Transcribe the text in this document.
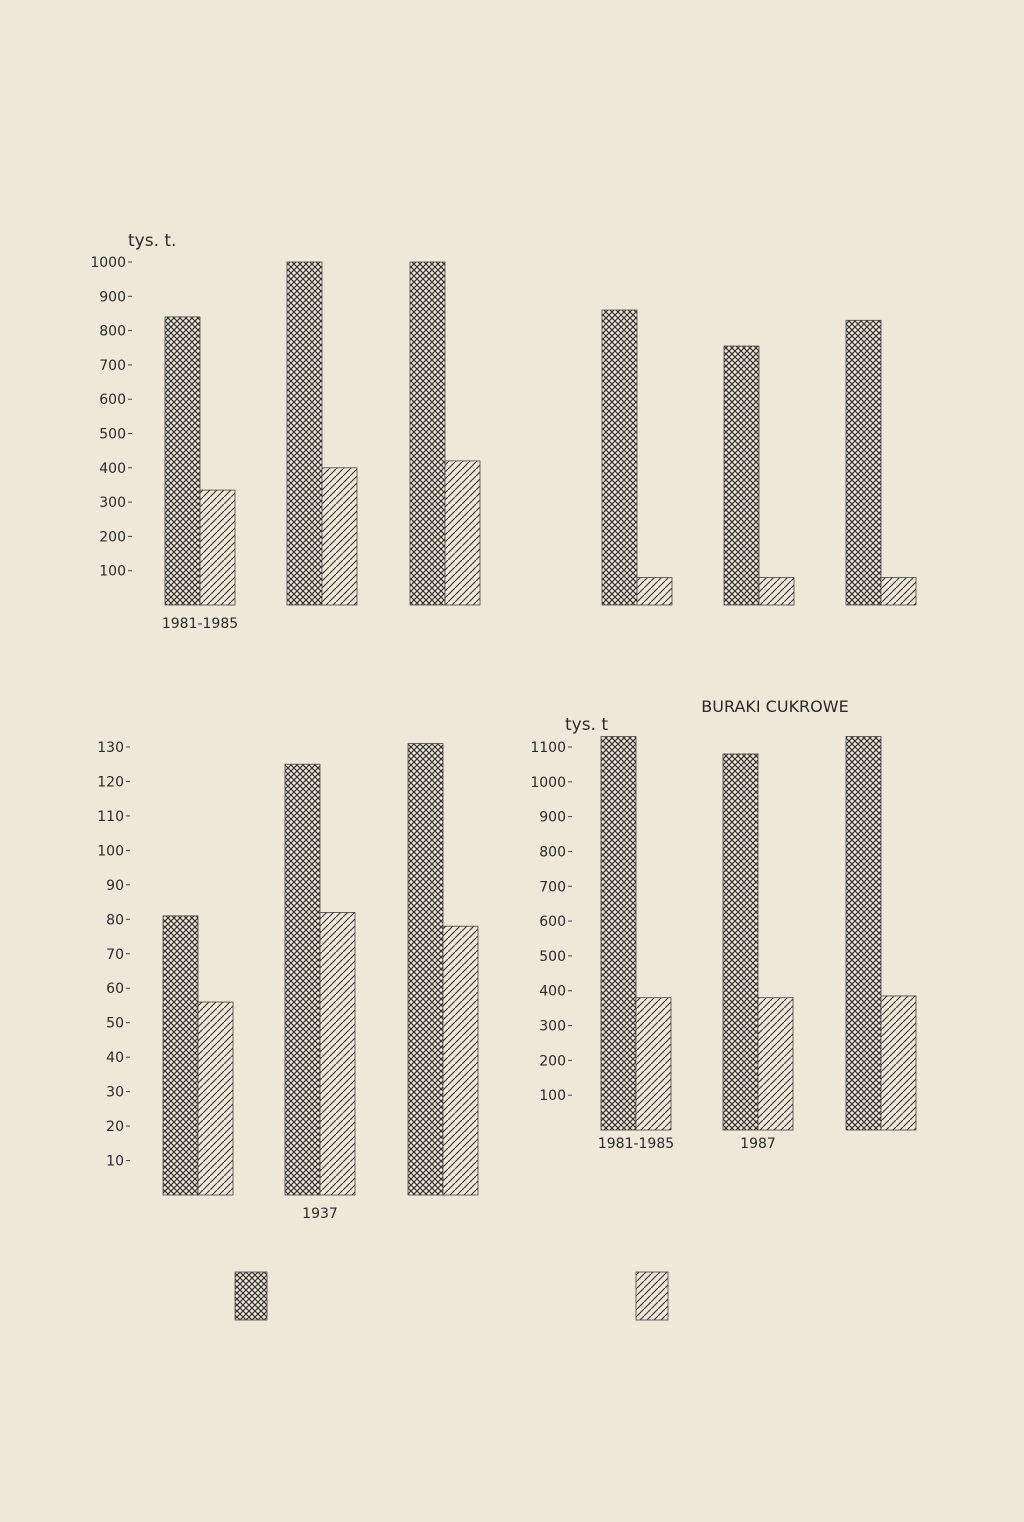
tys. t.
100
200
300
400
500
600
700
800
900
1000
1981-1985
10
20
30
40
50
60
70
80
90
100
110
120
130
1937
tys. t
BURAKI CUKROWE
100
200
300
400
500
600
700
800
900
1000
1100
1981-1985	1987
